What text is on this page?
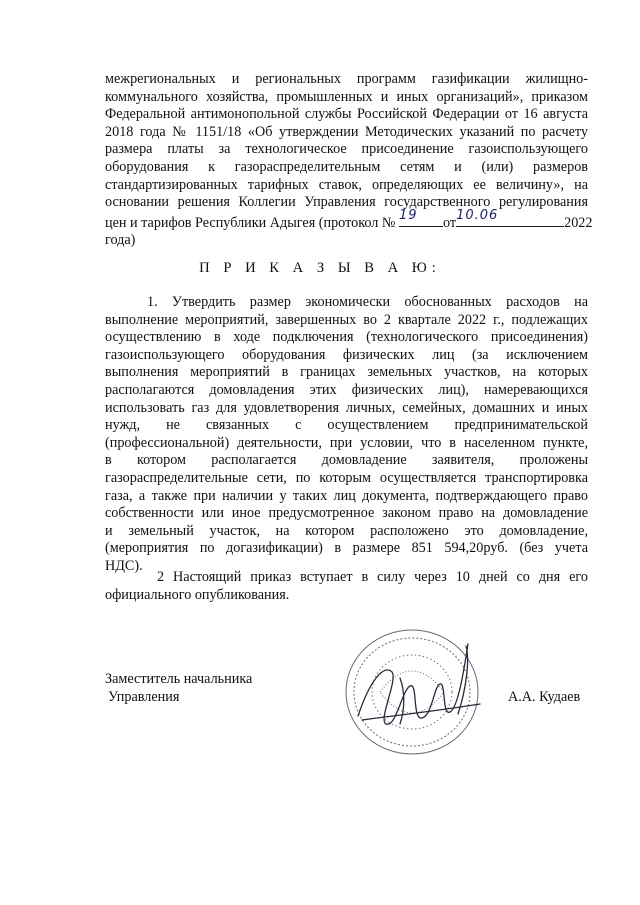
межрегиональных и региональных программ газификации жилищно-
коммунального хозяйства, промышленных и иных организаций», приказом
Федеральной антимонопольной службы Российской Федерации от 16 августа
2018 года № 1151/18 «Об утверждении Методических указаний по расчету
размера платы за технологическое присоединение газоиспользующего
оборудования к газораспределительным сетям и (или) размеров
стандартизированных тарифных ставок, определяющих ее величину», на
основании решения Коллегии Управления государственного регулирования
цен и тарифов Республики Адыгея (протокол № 19	от 10.06	2022
года)
П Р И К А З Ы В А Ю:
1. Утвердить размер экономически обоснованных расходов на
выполнение мероприятий, завершенных во 2 квартале 2022 г., подлежащих
осуществлению в ходе подключения (технологического присоединения)
газоиспользующего оборудования физических лиц (за исключением
выполнения мероприятий в границах земельных участков, на которых
располагаются домовладения этих физических лиц), намеревающихся
использовать газ для удовлетворения личных, семейных, домашних и иных
нужд, не связанных с осуществлением предпринимательской
(профессиональной) деятельности, при условии, что в населенном пункте,
в котором располагается домовладение заявителя, проложены
газораспределительные сети, по которым осуществляется транспортировка
газа, а также при наличии у таких лиц документа, подтверждающего право
собственности или иное предусмотренное законом право на домовладение
и земельный участок, на котором расположено это домовладение,
(мероприятия по догазификации) в размере 851 594,20руб. (без учета
НДС).
2 Настоящий приказ вступает в силу через 10 дней со дня его
официального опубликования.
Заместитель начальника
Управления	А.А. Кудаев
